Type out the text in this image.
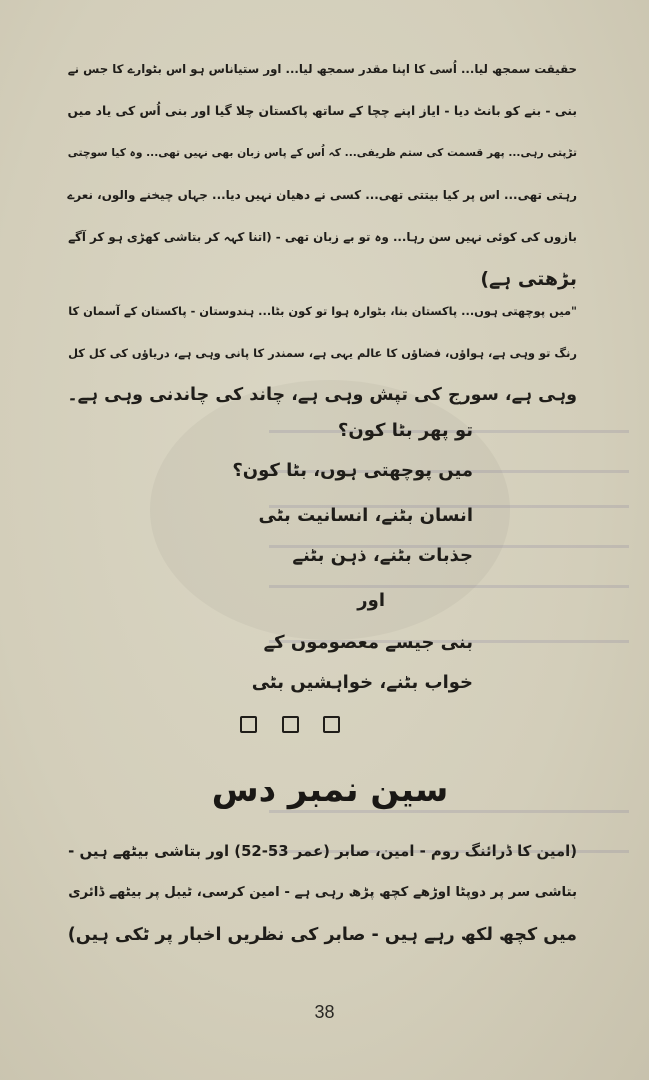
حقیقت سمجھ لیا... اُسی کا اپنا مقدر سمجھ لیا... اور ستیاناس ہو اس بٹوارے کا جس نے
بنی - بنے کو بانٹ دیا - ایاز اپنے چچا کے ساتھ پاکستان چلا گیا اور بنی اُس کی یاد میں
تڑپتی رہی... پھر قسمت کی ستم ظریفی... کہ اُس کے پاس زبان بھی نہیں تھی... وہ کیا سوچتی
رہتی تھی... اس پر کیا بیتتی تھی... کسی نے دھیان نہیں دیا... جہاں چیخنے والوں، نعرے
بازوں کی کوئی نہیں سن رہا... وہ تو بے زبان تھی - (اتنا کہہ کر بتاشی کھڑی ہو کر آگے
بڑھتی ہے)
"میں پوچھتی ہوں... پاکستان بنا، بٹوارہ ہوا تو کون بٹا... ہندوستان - پاکستان کے آسمان کا
رنگ تو وہی ہے، ہواؤں، فضاؤں کا عالم یہی ہے، سمندر کا پانی وہی ہے، دریاؤں کی کل کل
وہی ہے، سورج کی تپش وہی ہے، چاند کی چاندنی وہی ہے۔
تو پھر بٹا کون؟
میں پوچھتی ہوں، بٹا کون؟
انسان بٹنے، انسانیت بٹی
جذبات بٹنے، ذہن بٹنے
اور
بنی جیسے معصوموں کے
خواب بٹنے، خواہشیں بٹی
سین نمبر دس
(امین کا ڈرائنگ روم - امین، صابر (عمر 53-52) اور بتاشی بیٹھے ہیں -
بتاشی سر پر دوپٹا اوڑھے کچھ پڑھ رہی ہے - امین کرسی، ٹیبل پر بیٹھے ڈائری
میں کچھ لکھ رہے ہیں - صابر کی نظریں اخبار پر ٹکی ہیں)
38
